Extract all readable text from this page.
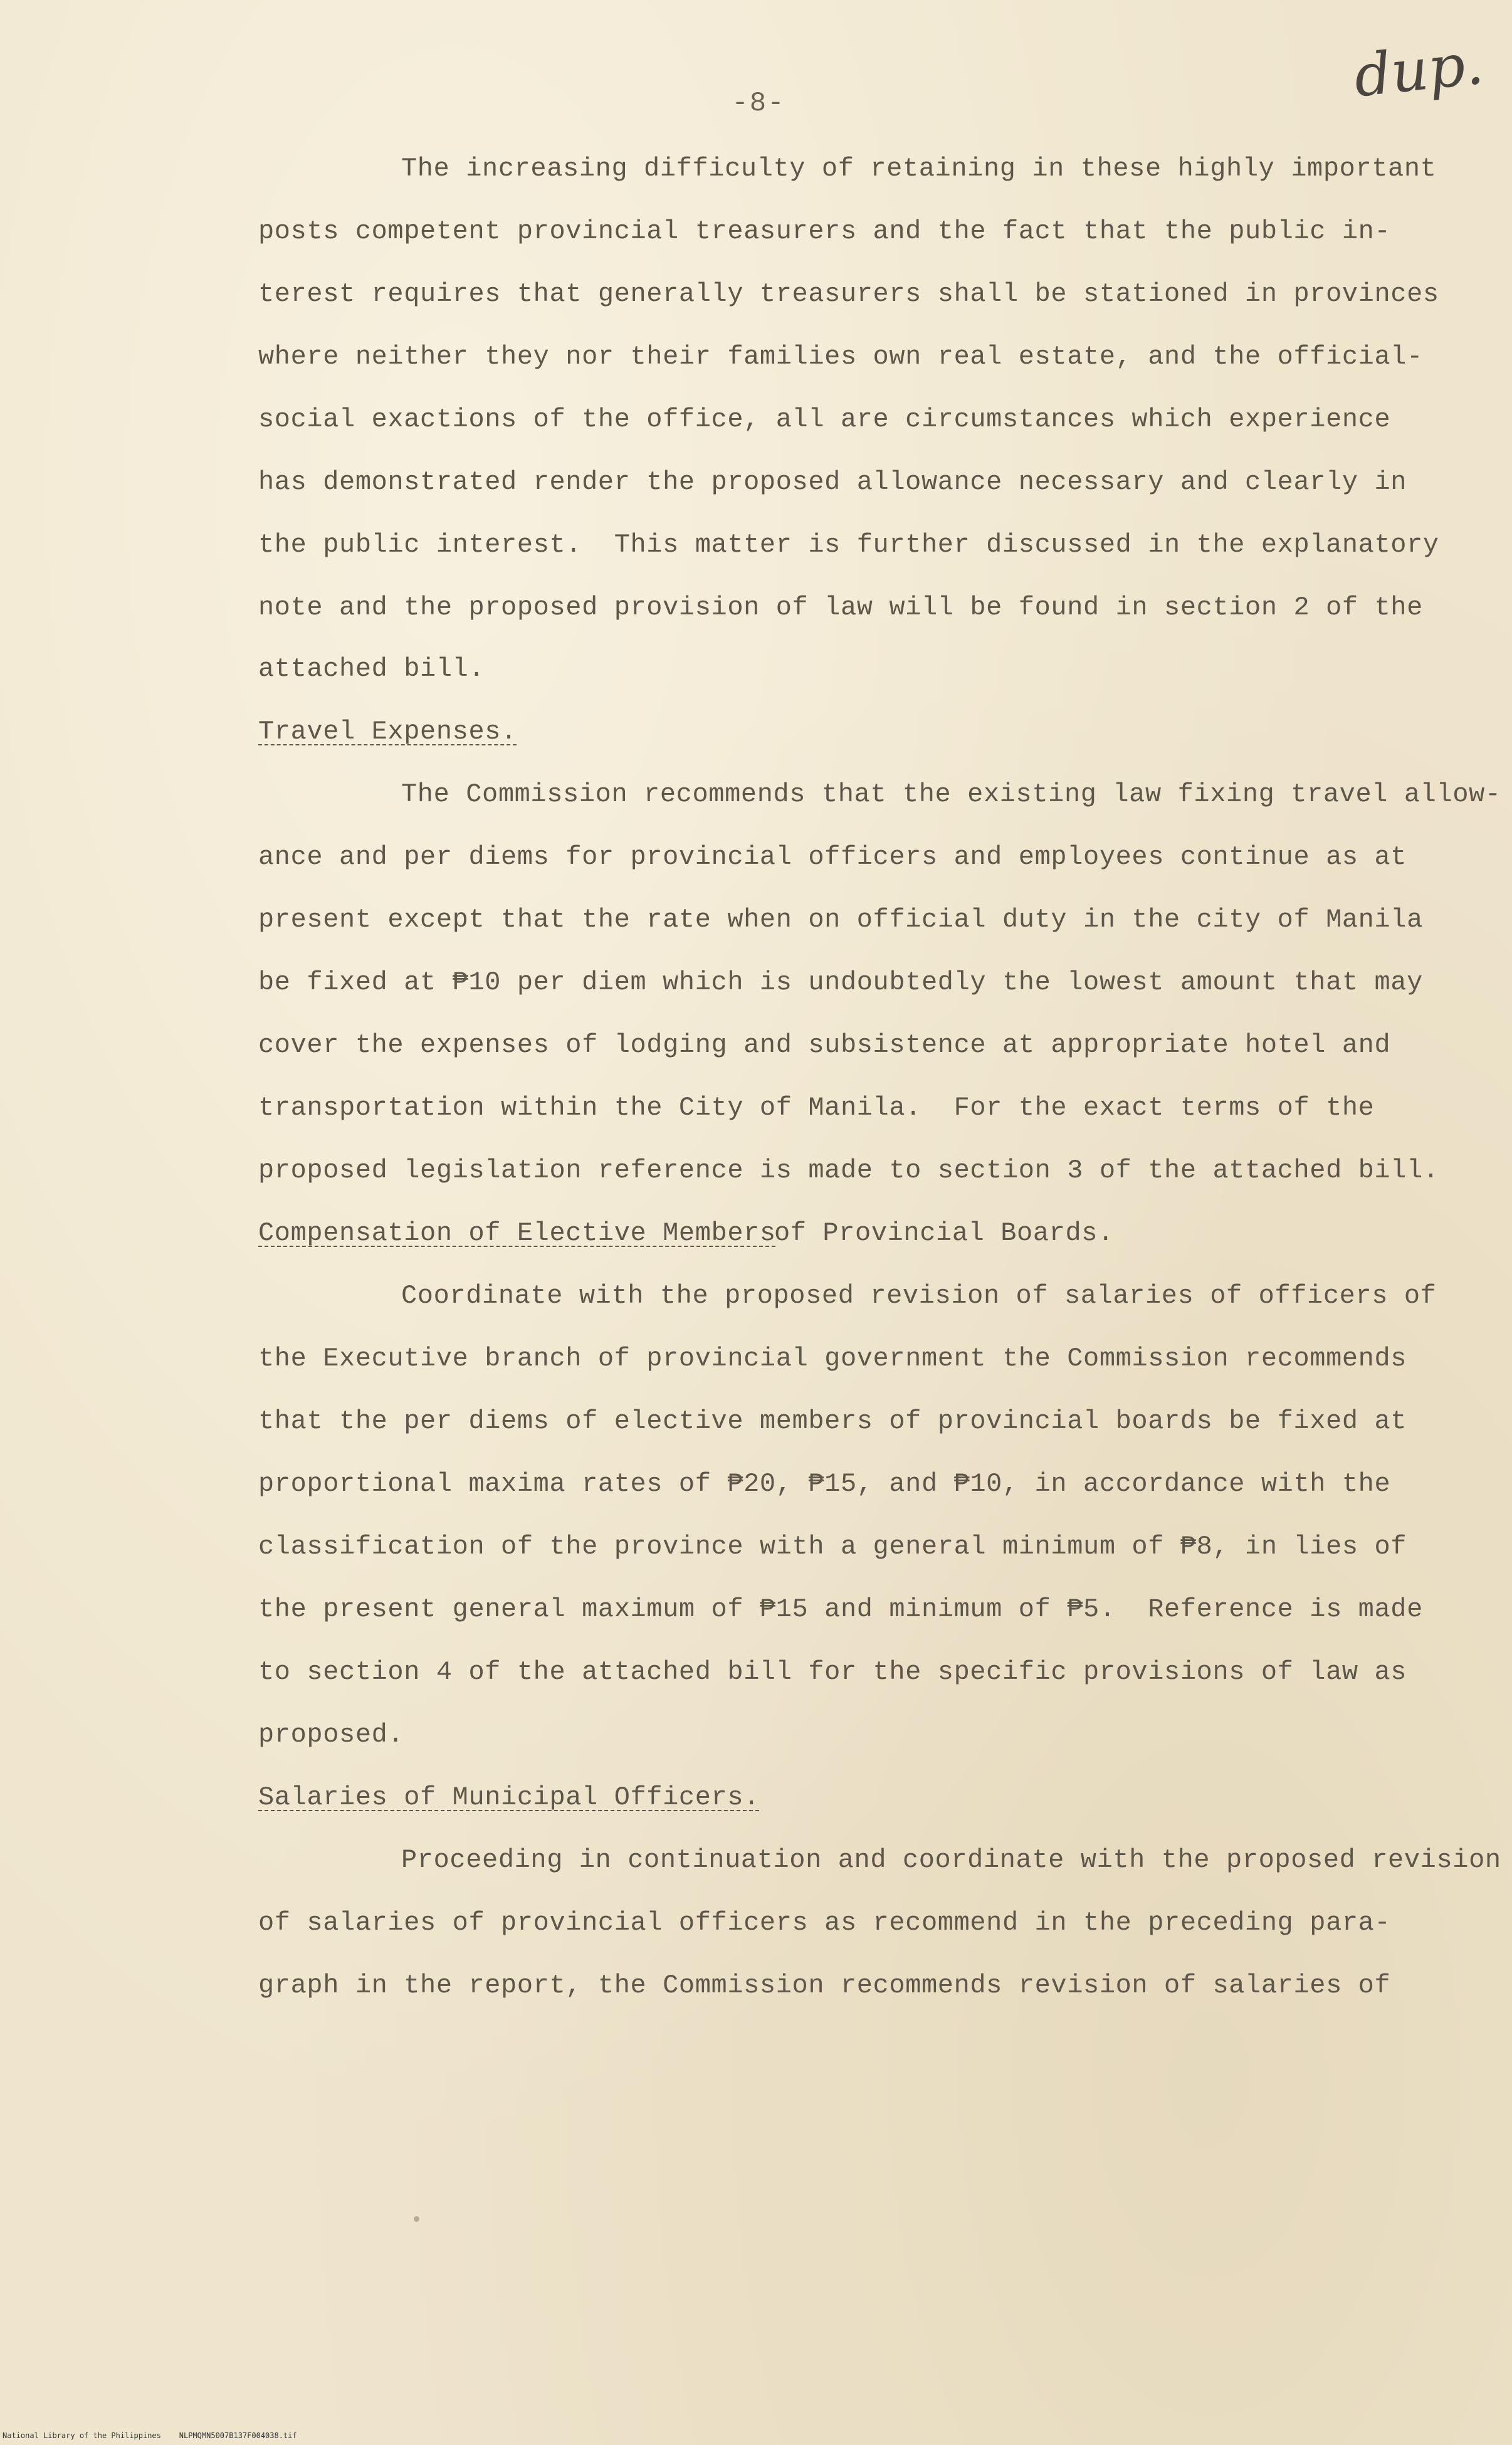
-8-	dup.
The increasing difficulty of retaining in these highly important
posts competent provincial treasurers and the fact that the public in-
terest requires that generally treasurers shall be stationed in provinces
where neither they nor their families own real estate, and the official-
social exactions of the office, all are circumstances which experience
has demonstrated render the proposed allowance necessary and clearly in
the public interest.  This matter is further discussed in the explanatory
note and the proposed provision of law will be found in section 2 of the
attached bill.
Travel Expenses.
The Commission recommends that the existing law fixing travel allow-
ance and per diems for provincial officers and employees continue as at
present except that the rate when on official duty in the city of Manila
be fixed at ₱10 per diem which is undoubtedly the lowest amount that may
cover the expenses of lodging and subsistence at appropriate hotel and
transportation within the City of Manila.  For the exact terms of the
proposed legislation reference is made to section 3 of the attached bill.
Compensation of Elective Members
of Provincial Boards.
Coordinate with the proposed revision of salaries of officers of
the Executive branch of provincial government the Commission recommends
that the per diems of elective members of provincial boards be fixed at
proportional maxima rates of ₱20, ₱15, and ₱10, in accordance with the
classification of the province with a general minimum of ₱8, in lies of
the present general maximum of ₱15 and minimum of ₱5.  Reference is made
to section 4 of the attached bill for the specific provisions of law as
proposed.
Salaries of Municipal Officers.
Proceeding in continuation and coordinate with the proposed revision
of salaries of provincial officers as recommend in the preceding para-
graph in the report, the Commission recommends revision of salaries of
National Library of the Philippines NLPMQMN5007B137F004038.tif
